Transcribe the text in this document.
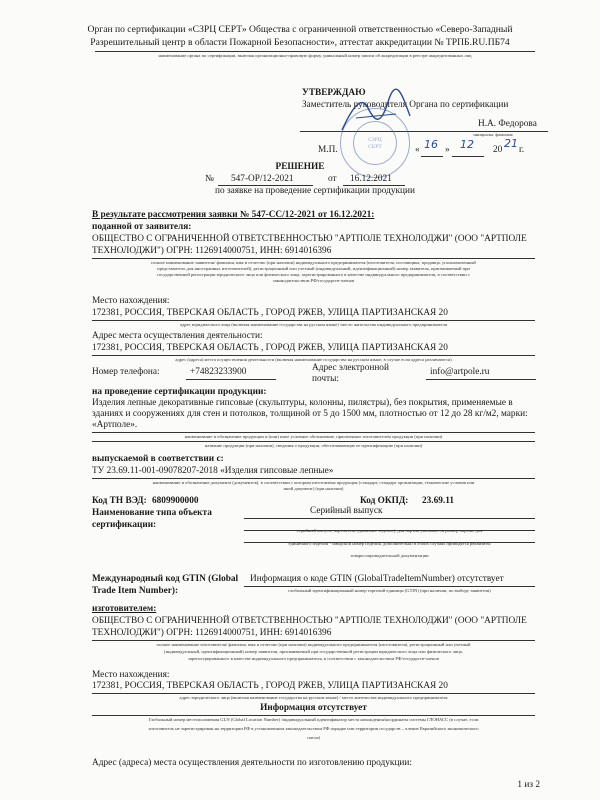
Орган по сертификации «СЗРЦ СЕРТ» Общества с ограниченной ответственностью «Северо-Западный
Разрешительный центр в области Пожарной Безопасности», аттестат аккредитации № ТРПБ.RU.ПБ74
наименование органа по сертификации, включая организационно-правовую форму, уникальный номер записи об аккредитации в реестре аккредитованных лиц
УТВЕРЖДАЮ
Заместитель руководителя Органа по сертификации
Н.А. Федорова
инициалы, фамилия
СЗРЦ
СЕРТ
М.П.	« 16 » 12 20 21 г.
РЕШЕНИЕ
№ 547-ОР/12-2021	от 16.12.2021
по заявке на проведение сертификации продукции
В результате рассмотрения заявки № 547-СС/12-2021 от 16.12.2021:
поданной от заявителя:
ОБЩЕСТВО С ОГРАНИЧЕННОЙ ОТВЕТСТВЕННОСТЬЮ "АРТПОЛЕ ТЕХНОЛОДЖИ" (ООО "АРТПОЛЕ
ТЕХНОЛОДЖИ") ОГРН: 1126914000751, ИНН: 6914016396
полное наименование заявителя/ фамилия, имя и отчество (при наличии) индивидуального предпринимателя (изготовителя, поставщика, продавца, уполномоченный
представитель для иностранных изготовителей), регистрационный или учетный (индивидуальный, идентификационный) номер заявителя, присваиваемый при
государственной регистрации юридического лица или физического лица, зарегистрированного в качестве индивидуального предпринимателя, в соответствии с
законодательством РФ/государств-членов
Место нахождения:
172381, РОССИЯ, ТВЕРСКАЯ ОБЛАСТЬ , ГОРОД РЖЕВ, УЛИЦА ПАРТИЗАНСКАЯ 20
адрес юридического лица (включая наименование государства на русском языке) /место жительства индивидуального предпринимателя
Адрес места осуществления деятельности:
172381, РОССИЯ, ТВЕРСКАЯ ОБЛАСТЬ , ГОРОД РЖЕВ, УЛИЦА ПАРТИЗАНСКАЯ 20
адрес (адреса) места осуществления деятельности (включая наименование государства на русском языке, в случае если адреса различаются)
Номер телефона:	+74823233900	Адрес электронной
почты:
info@artpole.ru
на проведение сертификации продукции:
Изделия лепные декоративные гипсовые (скульптуры, колонны, пилястры), без покрытия, применяемые в
зданиях и сооружениях для стен и потолков, толщиной от 5 до 1500 мм, плотностью от 12 до 28 кг/м2, марки:
«Артполе».
наименование и обозначение продукции и (или) иное условное обозначение, присвоенное изготовителем продукции (при наличии)
название продукции (при наличии), сведения о продукции, обеспечивающие ее идентификацию (при наличии)
выпускаемой в соответствии с:
ТУ 23.69.11-001-09078207-2018 «Изделия гипсовые лепные»
наименование и обозначение документа (документов), в соответствии с которым изготовлена продукция (стандарт, стандарт организации, технические условия или
иной документ) (при наличии)
Код ТН ВЭД: 6809900000	Код ОКПД: 23.69.11
Наименование типа объекта
сертификации:
Серийный выпуск
серийный выпуск, партия или единичное изделие), для партии указывается размер партии, для
единичного изделия - заводской номер изделия, дополнительно в обоих случаях приводятся реквизиты
товаросопроводительной документации
Международный код GTIN (Global
Trade Item Number):
Информация о коде GTIN (GlobalTradeItemNumber) отсутствует
глобальный идентификационный номер торговой единицы (GTIN) (при наличии, по выбору заявителя)
изготовителем:
ОБЩЕСТВО С ОГРАНИЧЕННОЙ ОТВЕТСТВЕННОСТЬЮ "АРТПОЛЕ ТЕХНОЛОДЖИ" (ООО "АРТПОЛЕ
ТЕХНОЛОДЖИ") ОГРН: 1126914000751, ИНН: 6914016396
полное наименование изготовителя/ фамилия, имя и отчество (при наличии) индивидуального предпринимателя (изготовителя), регистрационный или учетный
(индивидуальный, идентификационный) номер заявителя, присваиваемый при государственной регистрации юридического лица или физического лица,
зарегистрированного в качестве индивидуального предпринимателя, в соответствии с законодательством РФ/государств-членов
Место нахождения:
172381, РОССИЯ, ТВЕРСКАЯ ОБЛАСТЬ , ГОРОД РЖЕВ, УЛИЦА ПАРТИЗАНСКАЯ 20
адрес юридического лица (включая наименование государства на русском языке) / место жительства индивидуального предпринимателя
Информация отсутствует
Глобальный номер местоположения GLN (Global Location Number) /индивидуальный идентификатор места нахождения/координаты системы ГЛОНАСС (в случае, если
изготовитель не зарегистрирован на территории РФ в установленном законодательством РФ порядке или территории государств – членов Евразийского экономического
союза)
Адрес (адреса) места осуществления деятельности по изготовлению продукции:
1 из 2
